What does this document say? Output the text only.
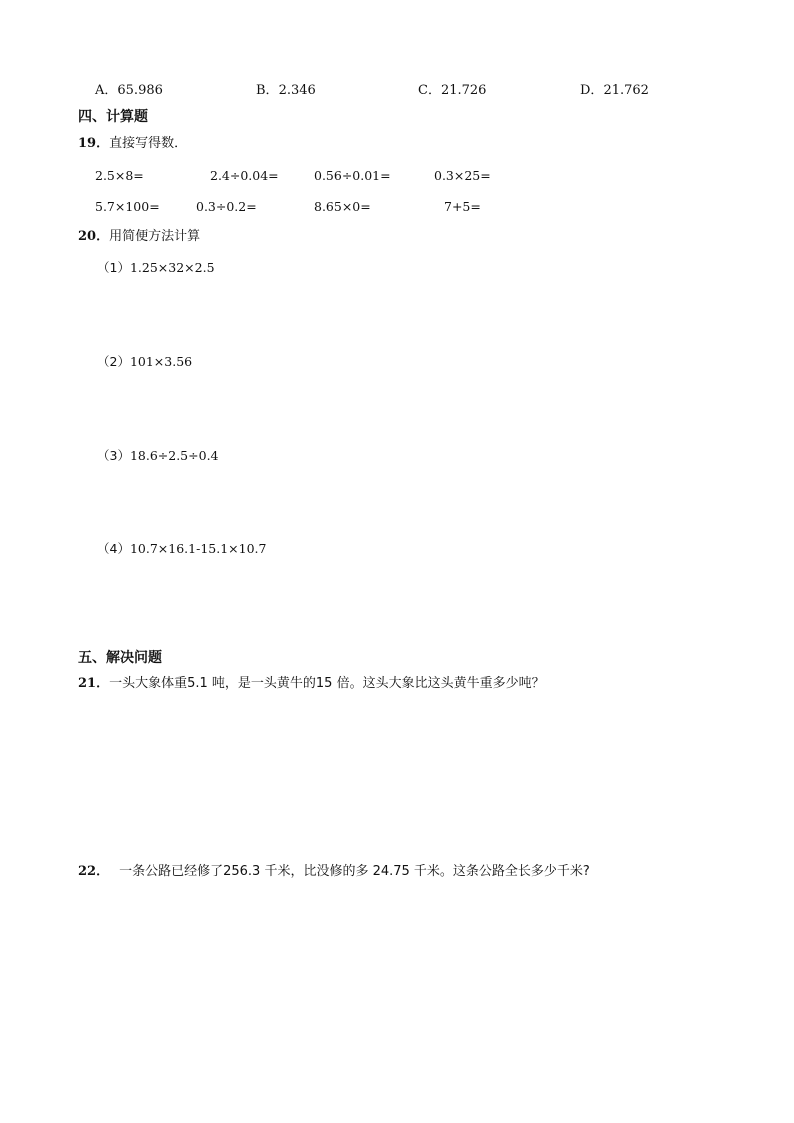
A．65.986	B．2.346	C．21.726	D．21.762
四、计算题
19．直接写得数．
2.5×8=	2.4÷0.04=	0.56÷0.01=	0.3×25=
5.7×100=	0.3÷0.2=	8.65×0=	7+5=
20．用简便方法计算
（1）1.25×32×2.5
（2）101×3.56
（3）18.6÷2.5÷0.4
（4）10.7×16.1-15.1×10.7
五、解决问题
21．一头大象体重5.1 吨，是一头黄牛的15 倍。这头大象比这头黄牛重多少吨？
22． 一条公路已经修了256.3 千米，比没修的多 24.75 千米。这条公路全长多少千米?
